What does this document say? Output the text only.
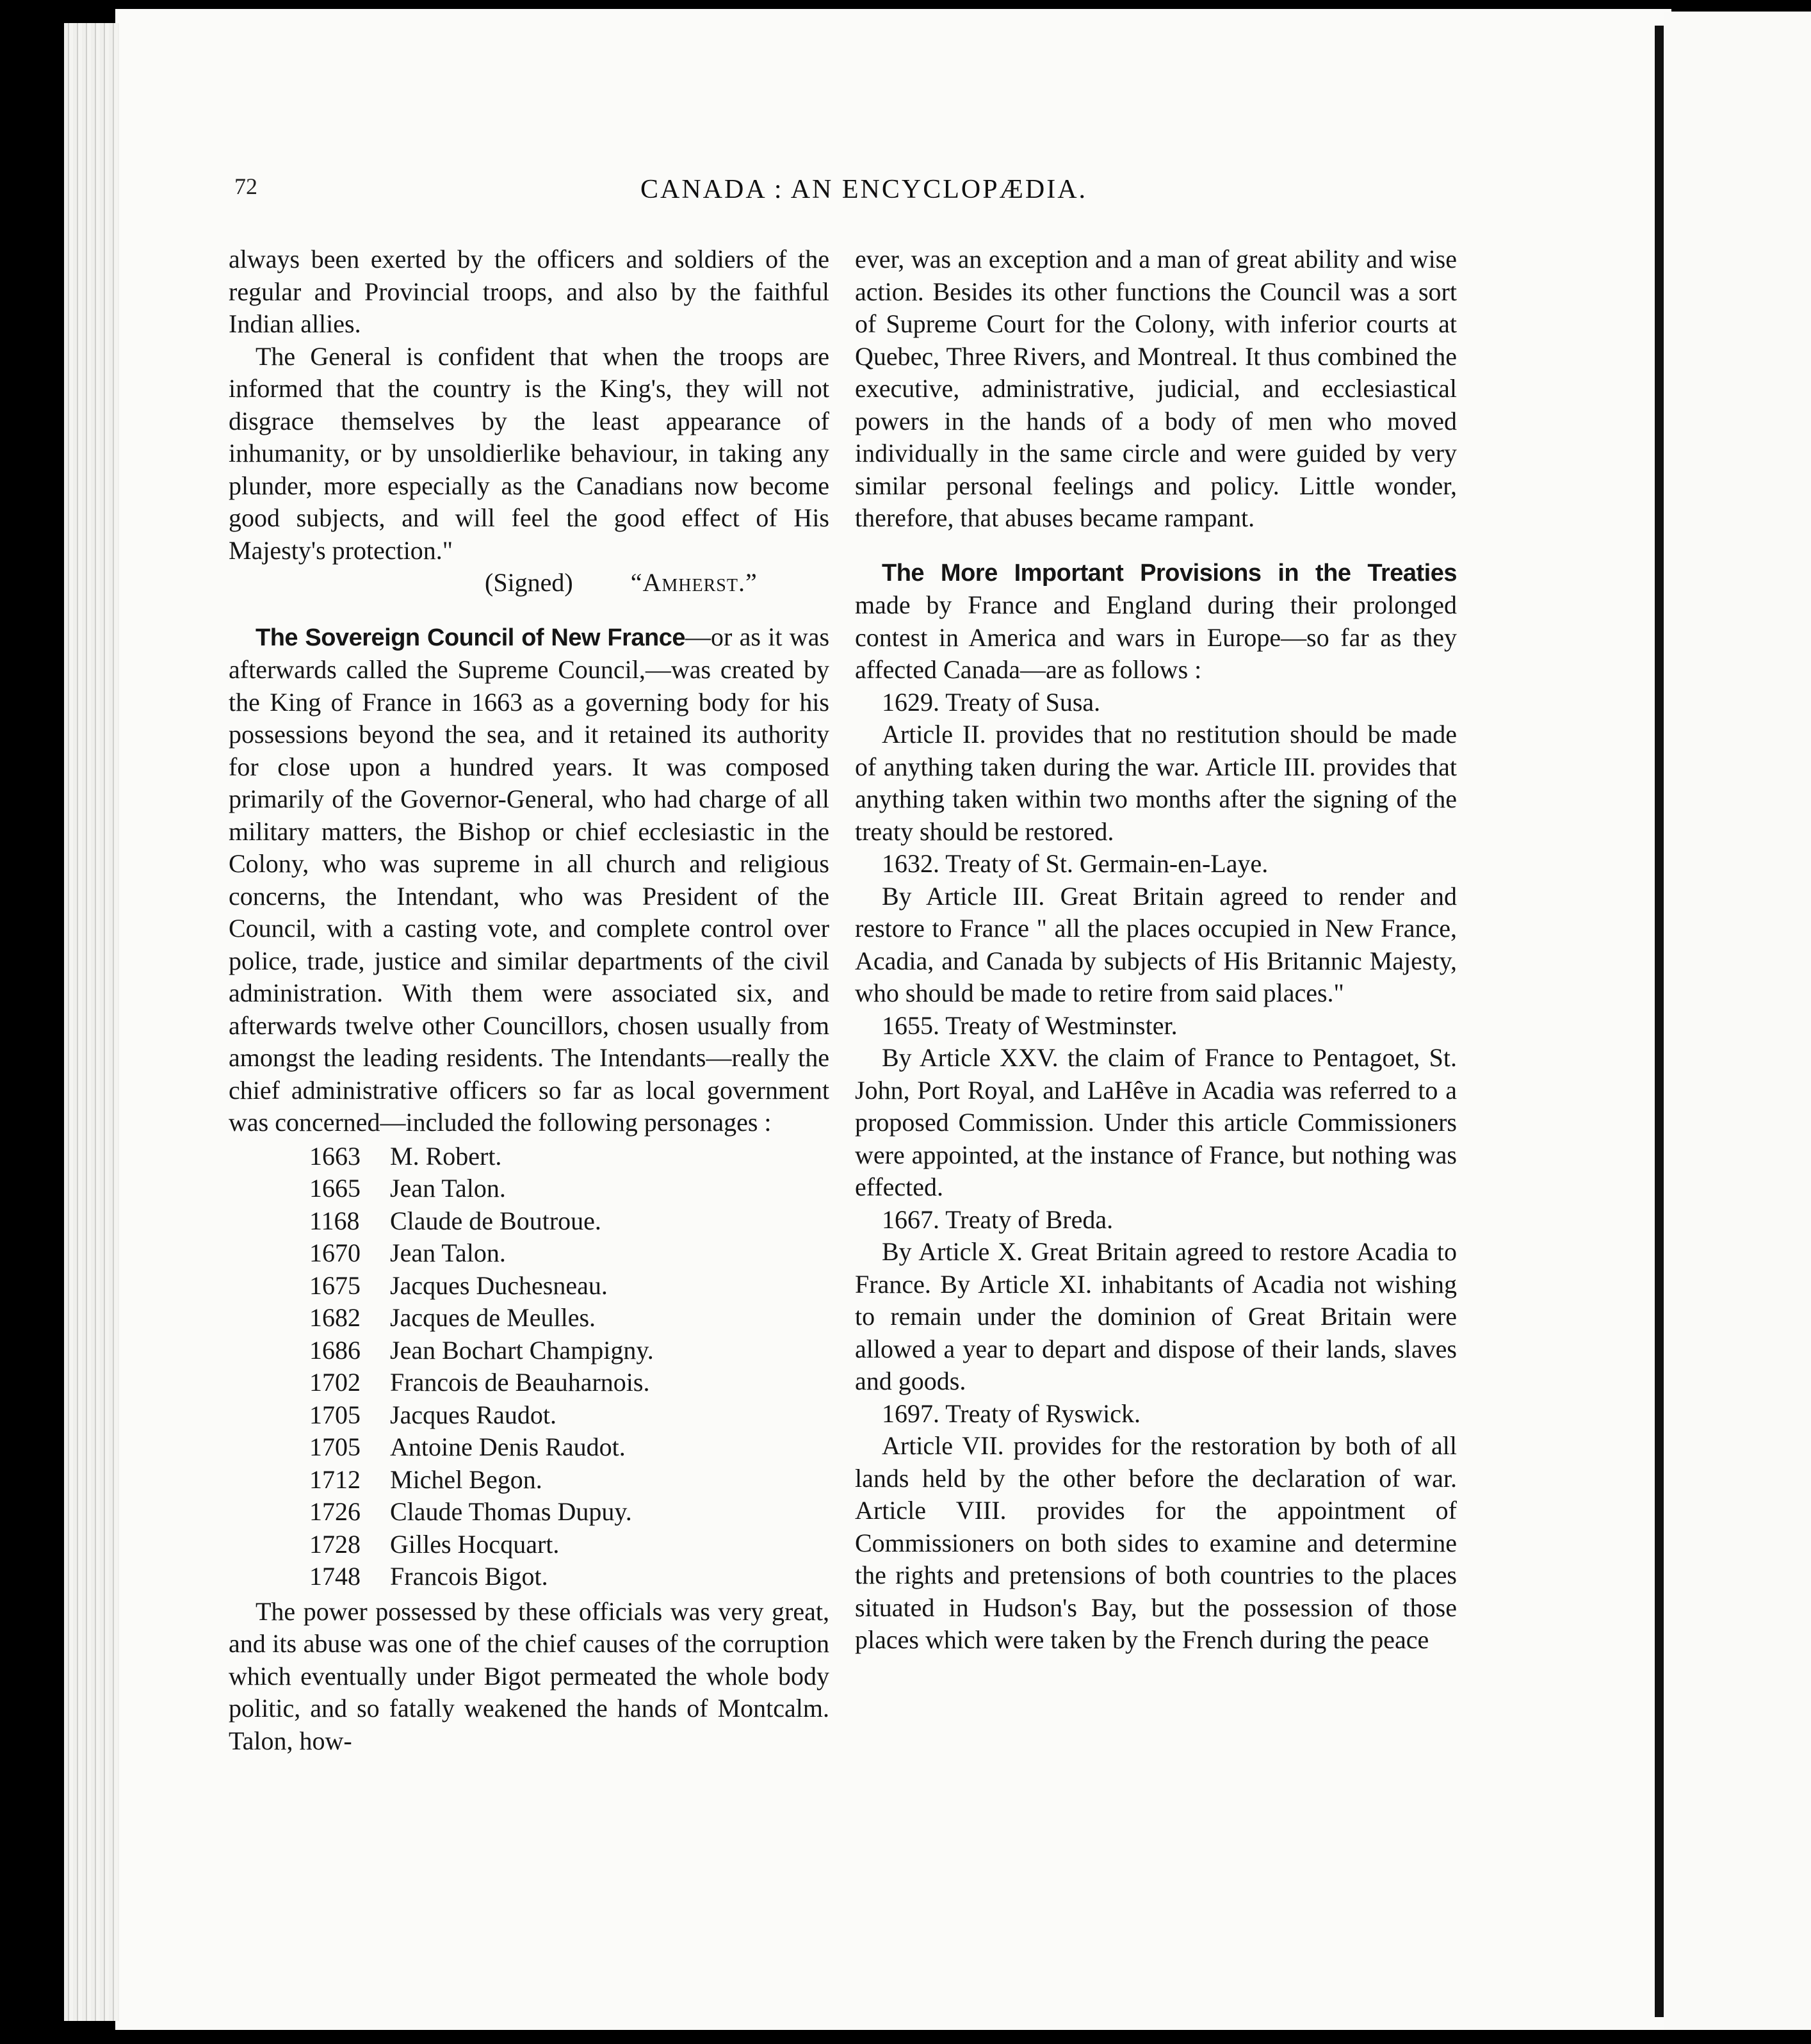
72	CANADA : AN ENCYCLOPÆDIA.

always been exerted by the officers and soldiers of the regular and Provincial troops, and also by the faithful Indian allies.

The General is confident that when the troops are informed that the country is the King's, they will not disgrace themselves by the least appearance of inhumanity, or by unsoldierlike behaviour, in taking any plunder, more especially as the Canadians now become good subjects, and will feel the good effect of His Majesty's protection."

(Signed) “Amherst.”

The Sovereign Council of New France—or as it was afterwards called the Supreme Council,—was created by the King of France in 1663 as a governing body for his possessions beyond the sea, and it retained its authority for close upon a hundred years. It was composed primarily of the Governor-General, who had charge of all military matters, the Bishop or chief ecclesiastic in the Colony, who was supreme in all church and religious concerns, the Intendant, who was President of the Council, with a casting vote, and complete control over police, trade, justice and similar departments of the civil administration. With them were associated six, and afterwards twelve other Councillors, chosen usually from amongst the leading residents. The Intendants—really the chief administrative officers so far as local government was concerned—included the following personages :

1663	M. Robert.
1665	Jean Talon.
1168	Claude de Boutroue.
1670	Jean Talon.
1675	Jacques Duchesneau.
1682	Jacques de Meulles.
1686	Jean Bochart Champigny.
1702	Francois de Beauharnois.
1705	Jacques Raudot.
1705	Antoine Denis Raudot.
1712	Michel Begon.
1726	Claude Thomas Dupuy.
1728	Gilles Hocquart.
1748	Francois Bigot.

The power possessed by these officials was very great, and its abuse was one of the chief causes of the corruption which eventually under Bigot permeated the whole body politic, and so fatally weakened the hands of Montcalm. Talon, how-

ever, was an exception and a man of great ability and wise action. Besides its other functions the Council was a sort of Supreme Court for the Colony, with inferior courts at Quebec, Three Rivers, and Montreal. It thus combined the executive, administrative, judicial, and ecclesiastical powers in the hands of a body of men who moved individually in the same circle and were guided by very similar personal feelings and policy. Little wonder, therefore, that abuses became rampant.

The More Important Provisions in the Treaties made by France and England during their prolonged contest in America and wars in Europe—so far as they affected Canada—are as follows :

1629. Treaty of Susa.

Article II. provides that no restitution should be made of anything taken during the war. Article III. provides that anything taken within two months after the signing of the treaty should be restored.

1632. Treaty of St. Germain-en-Laye.

By Article III. Great Britain agreed to render and restore to France " all the places occupied in New France, Acadia, and Canada by subjects of His Britannic Majesty, who should be made to retire from said places."

1655. Treaty of Westminster.

By Article XXV. the claim of France to Pentagoet, St. John, Port Royal, and LaHêve in Acadia was referred to a proposed Commission. Under this article Commissioners were appointed, at the instance of France, but nothing was effected.

1667. Treaty of Breda.

By Article X. Great Britain agreed to restore Acadia to France. By Article XI. inhabitants of Acadia not wishing to remain under the dominion of Great Britain were allowed a year to depart and dispose of their lands, slaves and goods.

1697. Treaty of Ryswick.

Article VII. provides for the restoration by both of all lands held by the other before the declaration of war. Article VIII. provides for the appointment of Commissioners on both sides to examine and determine the rights and pretensions of both countries to the places situated in Hudson's Bay, but the possession of those places which were taken by the French during the peace
